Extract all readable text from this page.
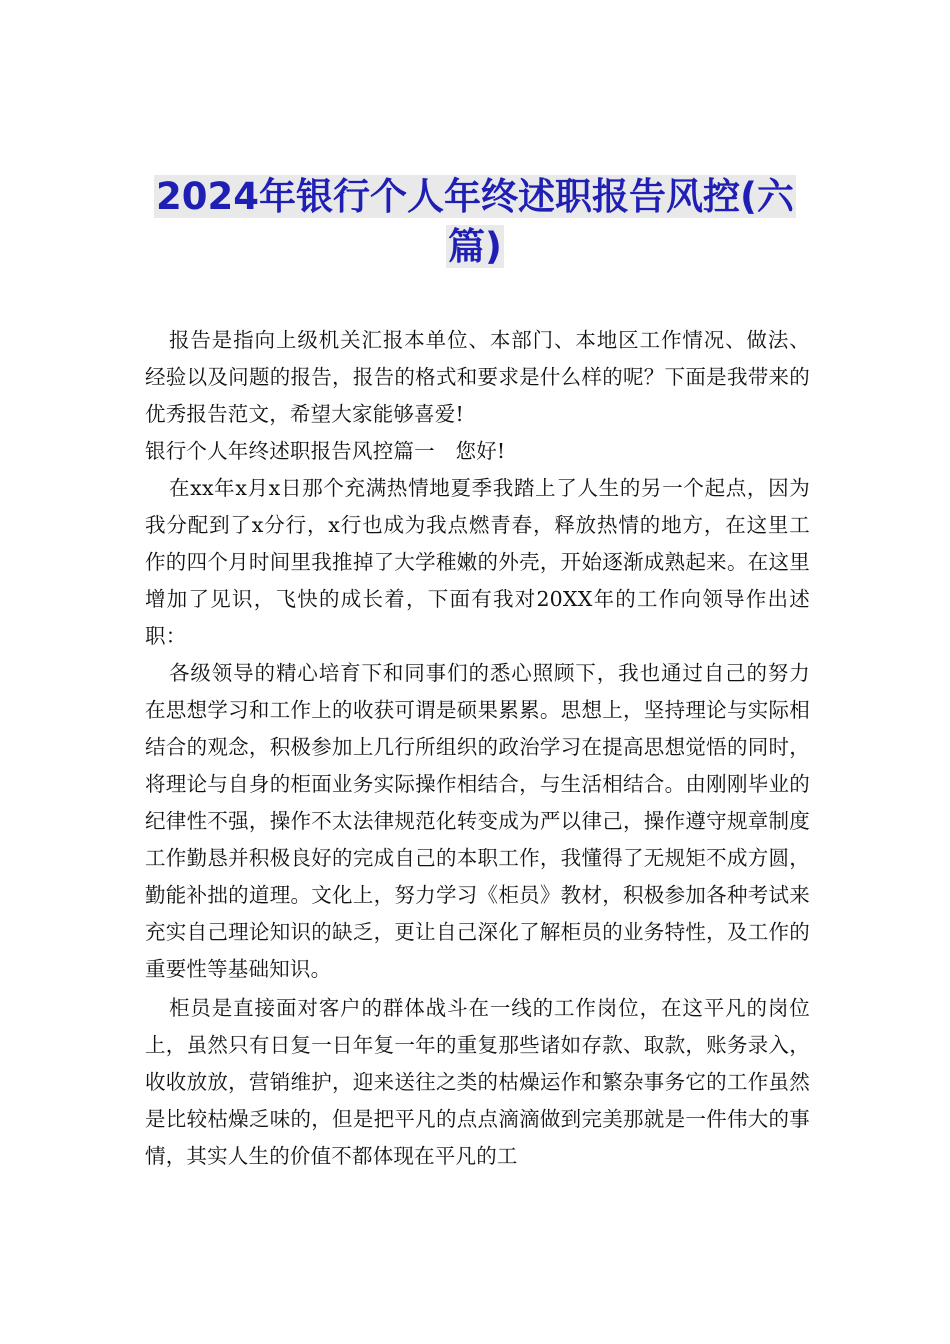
2024年银行个人年终述职报告风控(六篇)

报告是指向上级机关汇报本单位、本部门、本地区工作情况、做法、经验以及问题的报告，报告的格式和要求是什么样的呢？下面是我带来的优秀报告范文，希望大家能够喜爱!

银行个人年终述职报告风控篇一　您好!

在xx年x月x日那个充满热情地夏季我踏上了人生的另一个起点，因为我分配到了x分行，x行也成为我点燃青春，释放热情的地方，在这里工作的四个月时间里我推掉了大学稚嫩的外壳，开始逐渐成熟起来。在这里增加了见识，飞快的成长着，下面有我对20XX年的工作向领导作出述职：

各级领导的精心培育下和同事们的悉心照顾下，我也通过自己的努力在思想学习和工作上的收获可谓是硕果累累。思想上，坚持理论与实际相结合的观念，积极参加上几行所组织的政治学习在提高思想觉悟的同时，将理论与自身的柜面业务实际操作相结合，与生活相结合。由刚刚毕业的纪律性不强，操作不太法律规范化转变成为严以律己，操作遵守规章制度工作勤恳并积极良好的完成自己的本职工作，我懂得了无规矩不成方圆，勤能补拙的道理。文化上，努力学习《柜员》教材，积极参加各种考试来充实自己理论知识的缺乏，更让自己深化了解柜员的业务特性，及工作的重要性等基础知识。

柜员是直接面对客户的群体战斗在一线的工作岗位，在这平凡的岗位上，虽然只有日复一日年复一年的重复那些诸如存款、取款，账务录入，收收放放，营销维护，迎来送往之类的枯燥运作和繁杂事务它的工作虽然是比较枯燥乏味的，但是把平凡的点点滴滴做到完美那就是一件伟大的事情，其实人生的价值不都体现在平凡的工
